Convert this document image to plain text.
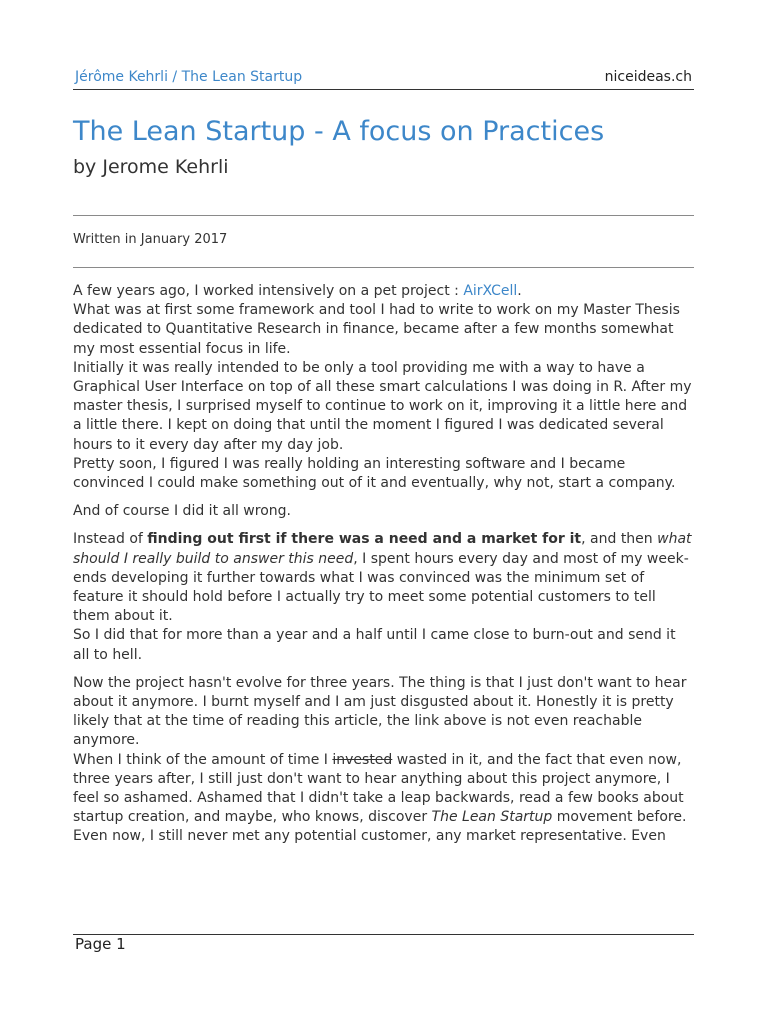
Jérôme Kehrli / The Lean Startup	niceideas.ch
The Lean Startup - A focus on Practices
by Jerome Kehrli
Written in January 2017

A few years ago, I worked intensively on a pet project : AirXCell.
What was at first some framework and tool I had to write to work on my Master Thesis dedicated to Quantitative Research in finance, became after a few months somewhat my most essential focus in life.
Initially it was really intended to be only a tool providing me with a way to have a Graphical User Interface on top of all these smart calculations I was doing in R. After my master thesis, I surprised myself to continue to work on it, improving it a little here and a little there. I kept on doing that until the moment I figured I was dedicated several hours to it every day after my day job.
Pretty soon, I figured I was really holding an interesting software and I became convinced I could make something out of it and eventually, why not, start a company.

And of course I did it all wrong.

Instead of finding out first if there was a need and a market for it, and then what should I really build to answer this need, I spent hours every day and most of my week-ends developing it further towards what I was convinced was the minimum set of feature it should hold before I actually try to meet some potential customers to tell them about it.
So I did that for more than a year and a half until I came close to burn-out and send it all to hell.

Now the project hasn't evolve for three years. The thing is that I just don't want to hear about it anymore. I burnt myself and I am just disgusted about it. Honestly it is pretty likely that at the time of reading this article, the link above is not even reachable anymore.
When I think of the amount of time I invested wasted in it, and the fact that even now, three years after, I still just don't want to hear anything about this project anymore, I feel so ashamed. Ashamed that I didn't take a leap backwards, read a few books about startup creation, and maybe, who knows, discover The Lean Startup movement before.
Even now, I still never met any potential customer, any market representative. Even

Page 1
